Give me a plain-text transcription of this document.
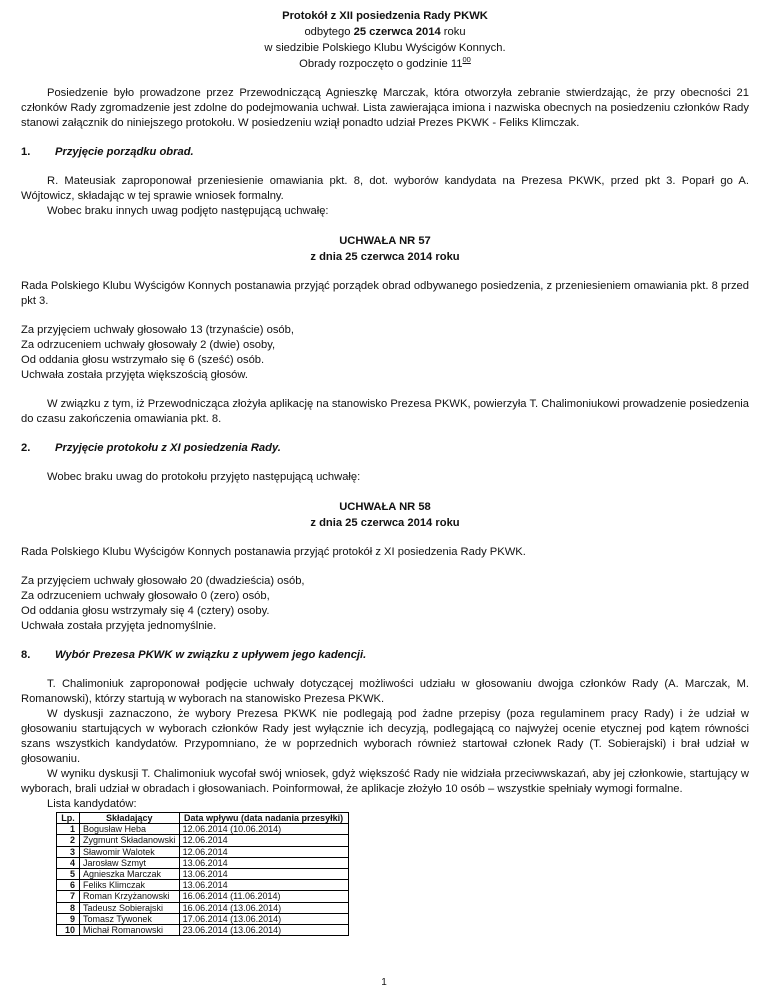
Protokół z XII posiedzenia Rady PKWK

odbytego 25 czerwca 2014 roku

w siedzibie Polskiego Klubu Wyścigów Konnych.

Obrady rozpoczęto o godzinie $11^{00}$

Posiedzenie było prowadzone przez Przewodniczącą Agnieszkę Marczak, która otworzyła zebranie stwierdzając, że przy obecności 21 członków Rady zgromadzenie jest zdolne do podejmowania uchwał. Lista zawierająca imiona i nazwiska obecnych na posiedzeniu członków Rady stanowi załącznik do niniejszego protokołu. W posiedzeniu wziął ponadto udział Prezes PKWK - Feliks Klimczak.

1.	Przyjęcie porządku obrad.

R. Mateusiak zaproponował przeniesienie omawiania pkt. 8, dot. wyborów kandydata na Prezesa PKWK, przed pkt 3. Poparł go A. Wójtowicz, składając w tej sprawie wniosek formalny.

Wobec braku innych uwag podjęto następującą uchwałę:

UCHWAŁA NR 57

z dnia 25 czerwca 2014 roku

Rada Polskiego Klubu Wyścigów Konnych postanawia przyjąć porządek obrad odbywanego posiedzenia, z przeniesieniem omawiania pkt. 8 przed pkt 3.

Za przyjęciem uchwały głosowało 13 (trzynaście) osób,

Za odrzuceniem uchwały głosowały 2 (dwie) osoby,

Od oddania głosu wstrzymało się 6 (sześć) osób.

Uchwała została przyjęta większością głosów.

W związku z tym, iż Przewodnicząca złożyła aplikację na stanowisko Prezesa PKWK, powierzyła T. Chalimoniukowi prowadzenie posiedzenia do czasu zakończenia omawiania pkt. 8.

2.	Przyjęcie protokołu z XI posiedzenia Rady.

Wobec braku uwag do protokołu przyjęto następującą uchwałę:

UCHWAŁA NR 58

z dnia 25 czerwca 2014 roku

Rada Polskiego Klubu Wyścigów Konnych postanawia przyjąć protokół z XI posiedzenia Rady PKWK.

Za przyjęciem uchwały głosowało 20 (dwadzieścia) osób,

Za odrzuceniem uchwały głosowało 0 (zero) osób,

Od oddania głosu wstrzymały się 4 (cztery) osoby.

Uchwała została przyjęta jednomyślnie.

8.	Wybór Prezesa PKWK w związku z upływem jego kadencji.

T. Chalimoniuk zaproponował podjęcie uchwały dotyczącej możliwości udziału w głosowaniu dwojga członków Rady (A. Marczak, M. Romanowski), którzy startują w wyborach na stanowisko Prezesa PKWK.

W dyskusji zaznaczono, że wybory Prezesa PKWK nie podlegają pod żadne przepisy (poza regulaminem pracy Rady) i że udział w głosowaniu startujących w wyborach członków Rady jest wyłącznie ich decyzją, podlegającą co najwyżej ocenie etycznej pod kątem równości szans wszystkich kandydatów. Przypomniano, że w poprzednich wyborach również startował członek Rady (T. Sobierajski) i brał udział w głosowaniu.

W wyniku dyskusji T. Chalimoniuk wycofał swój wniosek, gdyż większość Rady nie widziała przeciwwskazań, aby jej członkowie, startujący w wyborach, brali udział w obradach i głosowaniach. Poinformował, że aplikacje złożyło 10 osób – wszystkie spełniały wymogi formalne.

Lista kandydatów:

Lp.	Składający	Data wpływu (data nadania przesyłki)
1	Bogusław Heba	12.06.2014 (10.06.2014)
2	Zygmunt Składanowski	12.06.2014
3	Sławomir Walotek	12.06.2014
4	Jarosław Szmyt	13.06.2014
5	Agnieszka Marczak	13.06.2014
6	Feliks Klimczak	13.06.2014
7	Roman Krzyżanowski	16.06.2014 (11.06.2014)
8	Tadeusz Sobierajski	16.06.2014 (13.06.2014)
9	Tomasz Tywonek	17.06.2014 (13.06.2014)
10	Michał Romanowski	23.06.2014 (13.06.2014)
1
